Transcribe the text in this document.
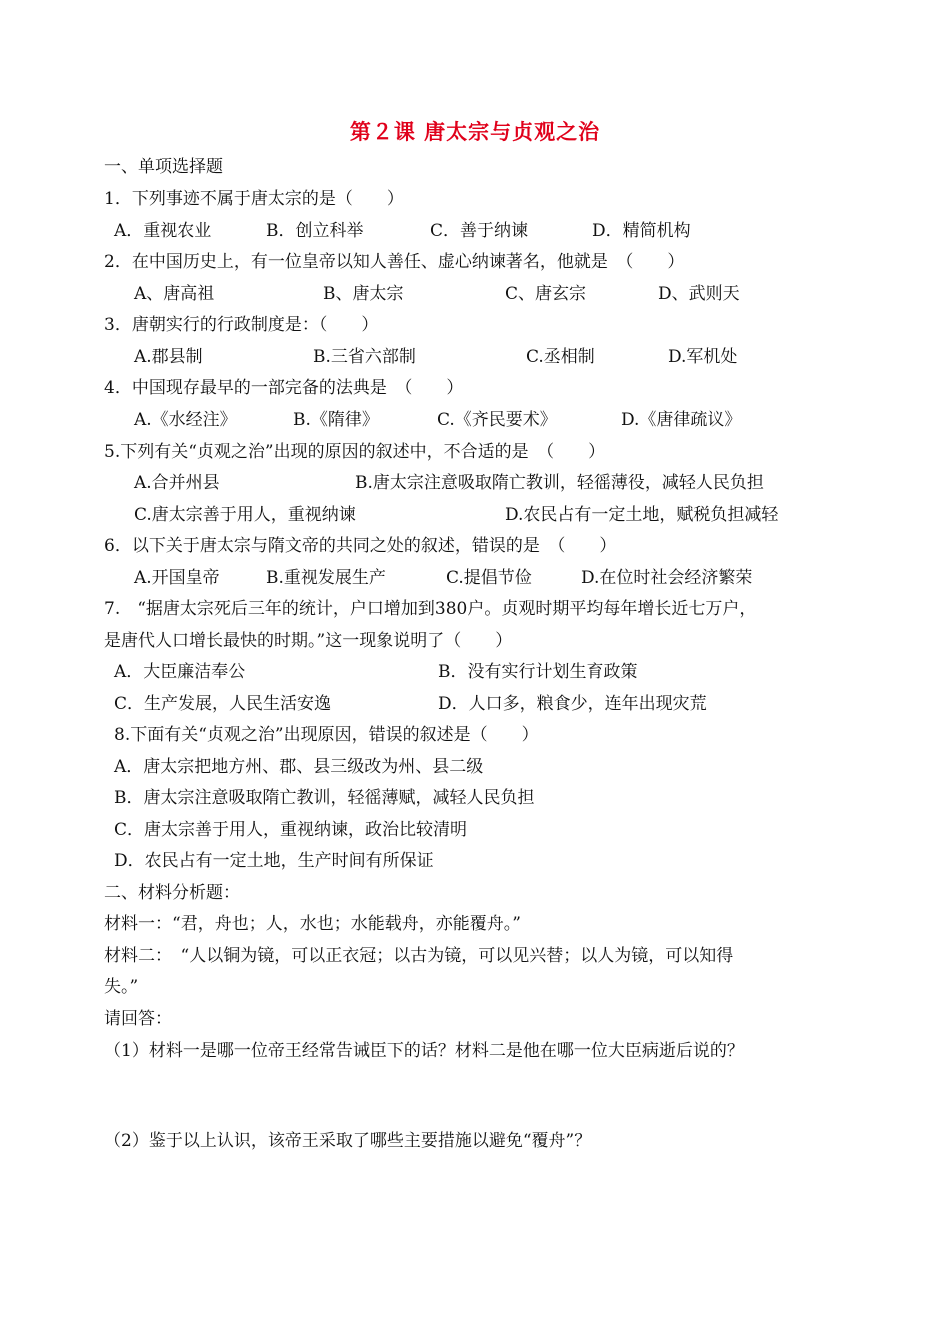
第２课 唐太宗与贞观之治
一、单项选择题
1．下列事迹不属于唐太宗的是（　　）
A．重视农业	B．创立科举	C．善于纳谏	D．精简机构
2．在中国历史上，有一位皇帝以知人善任、虚心纳谏著名，他就是　（　　）
A、唐高祖	B、唐太宗	C、唐玄宗	D、武则天
3．唐朝实行的行政制度是：（　　）
A.郡县制	B.三省六部制	C.丞相制	D.军机处
4．中国现存最早的一部完备的法典是　（　　）
A.《水经注》	B.《隋律》	C.《齐民要术》	D.《唐律疏议》
5.下列有关“贞观之治”出现的原因的叙述中，不合适的是　（　　）
A.合并州县	B.唐太宗注意吸取隋亡教训，轻徭薄役，减轻人民负担
C.唐太宗善于用人，重视纳谏	D.农民占有一定土地，赋税负担减轻
6．以下关于唐太宗与隋文帝的共同之处的叙述，错误的是　（　　）
A.开国皇帝	B.重视发展生产	C.提倡节俭	D.在位时社会经济繁荣
7.　“据唐太宗死后三年的统计，户口增加到380户。贞观时期平均每年增长近七万户，
是唐代人口增长最快的时期。”这一现象说明了（　　）
A．大臣廉洁奉公	B．没有实行计划生育政策
C．生产发展，人民生活安逸	D．人口多，粮食少，连年出现灾荒
8.下面有关“贞观之治”出现原因，错误的叙述是（　　）
A．唐太宗把地方州、郡、县三级改为州、县二级
B．唐太宗注意吸取隋亡教训，轻徭薄赋，减轻人民负担
C．唐太宗善于用人，重视纳谏，政治比较清明
D．农民占有一定土地，生产时间有所保证
二、材料分析题：
材料一：“君，舟也；人，水也；水能载舟，亦能覆舟。”
材料二：　“人以铜为镜，可以正衣冠；以古为镜，可以见兴替；以人为镜，可以知得
失。”
请回答：
（1）材料一是哪一位帝王经常告诫臣下的话？材料二是他在哪一位大臣病逝后说的？
（2）鉴于以上认识，该帝王采取了哪些主要措施以避免“覆舟”？
